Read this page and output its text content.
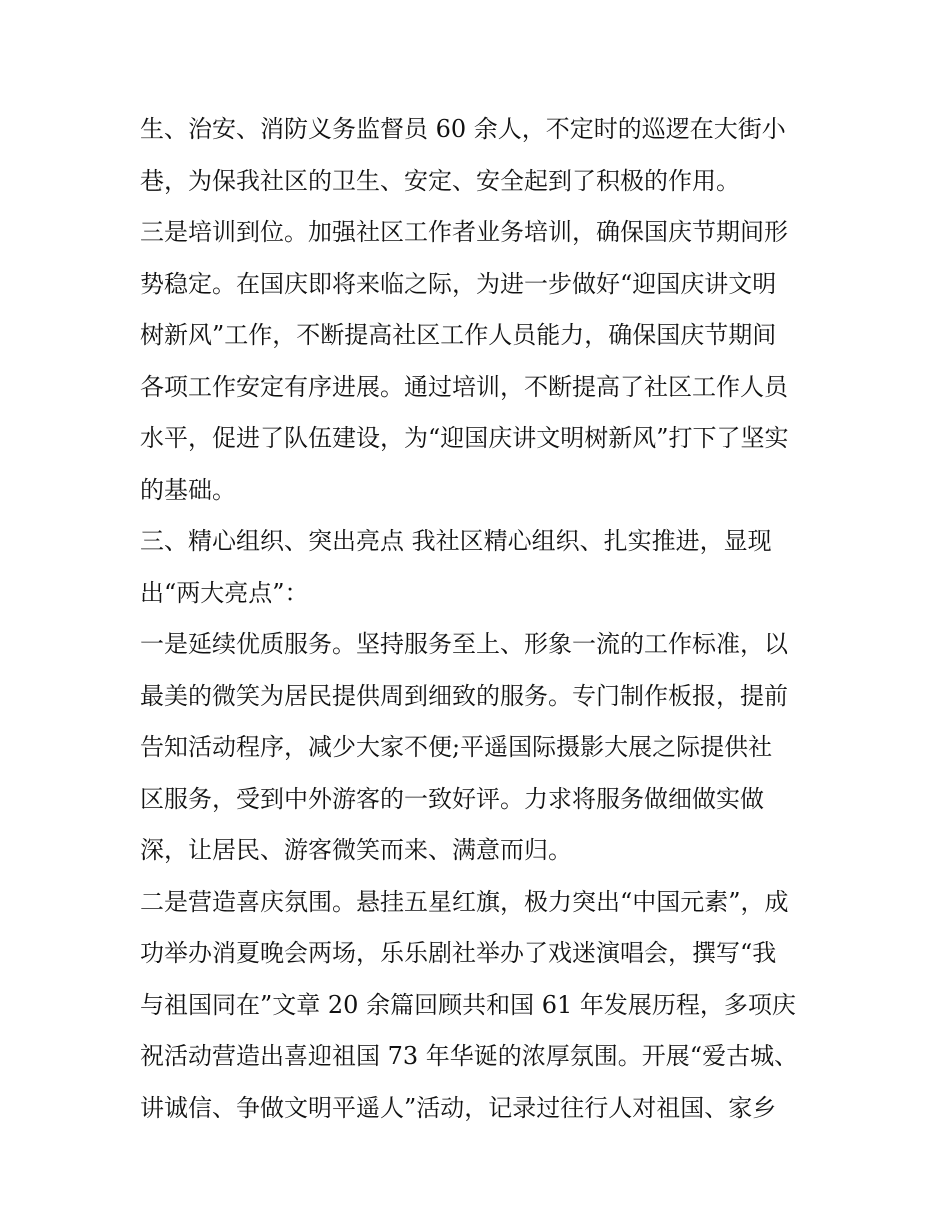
生、治安、消防义务监督员 60 余人，不定时的巡逻在大街小
巷，为保我社区的卫生、安定、安全起到了积极的作用。
三是培训到位。加强社区工作者业务培训，确保国庆节期间形
势稳定。在国庆即将来临之际，为进一步做好“迎国庆讲文明
树新风”工作，不断提高社区工作人员能力，确保国庆节期间
各项工作安定有序进展。通过培训，不断提高了社区工作人员
水平，促进了队伍建设，为“迎国庆讲文明树新风”打下了坚实
的基础。
三、精心组织、突出亮点 我社区精心组织、扎实推进，显现
出“两大亮点”：
一是延续优质服务。坚持服务至上、形象一流的工作标准，以
最美的微笑为居民提供周到细致的服务。专门制作板报，提前
告知活动程序，减少大家不便;平遥国际摄影大展之际提供社
区服务，受到中外游客的一致好评。力求将服务做细做实做
深，让居民、游客微笑而来、满意而归。
二是营造喜庆氛围。悬挂五星红旗，极力突出“中国元素”，成
功举办消夏晚会两场，乐乐剧社举办了戏迷演唱会，撰写“我
与祖国同在”文章 20 余篇回顾共和国 61 年发展历程，多项庆
祝活动营造出喜迎祖国 73 年华诞的浓厚氛围。开展“爱古城、
讲诚信、争做文明平遥人”活动，记录过往行人对祖国、家乡
